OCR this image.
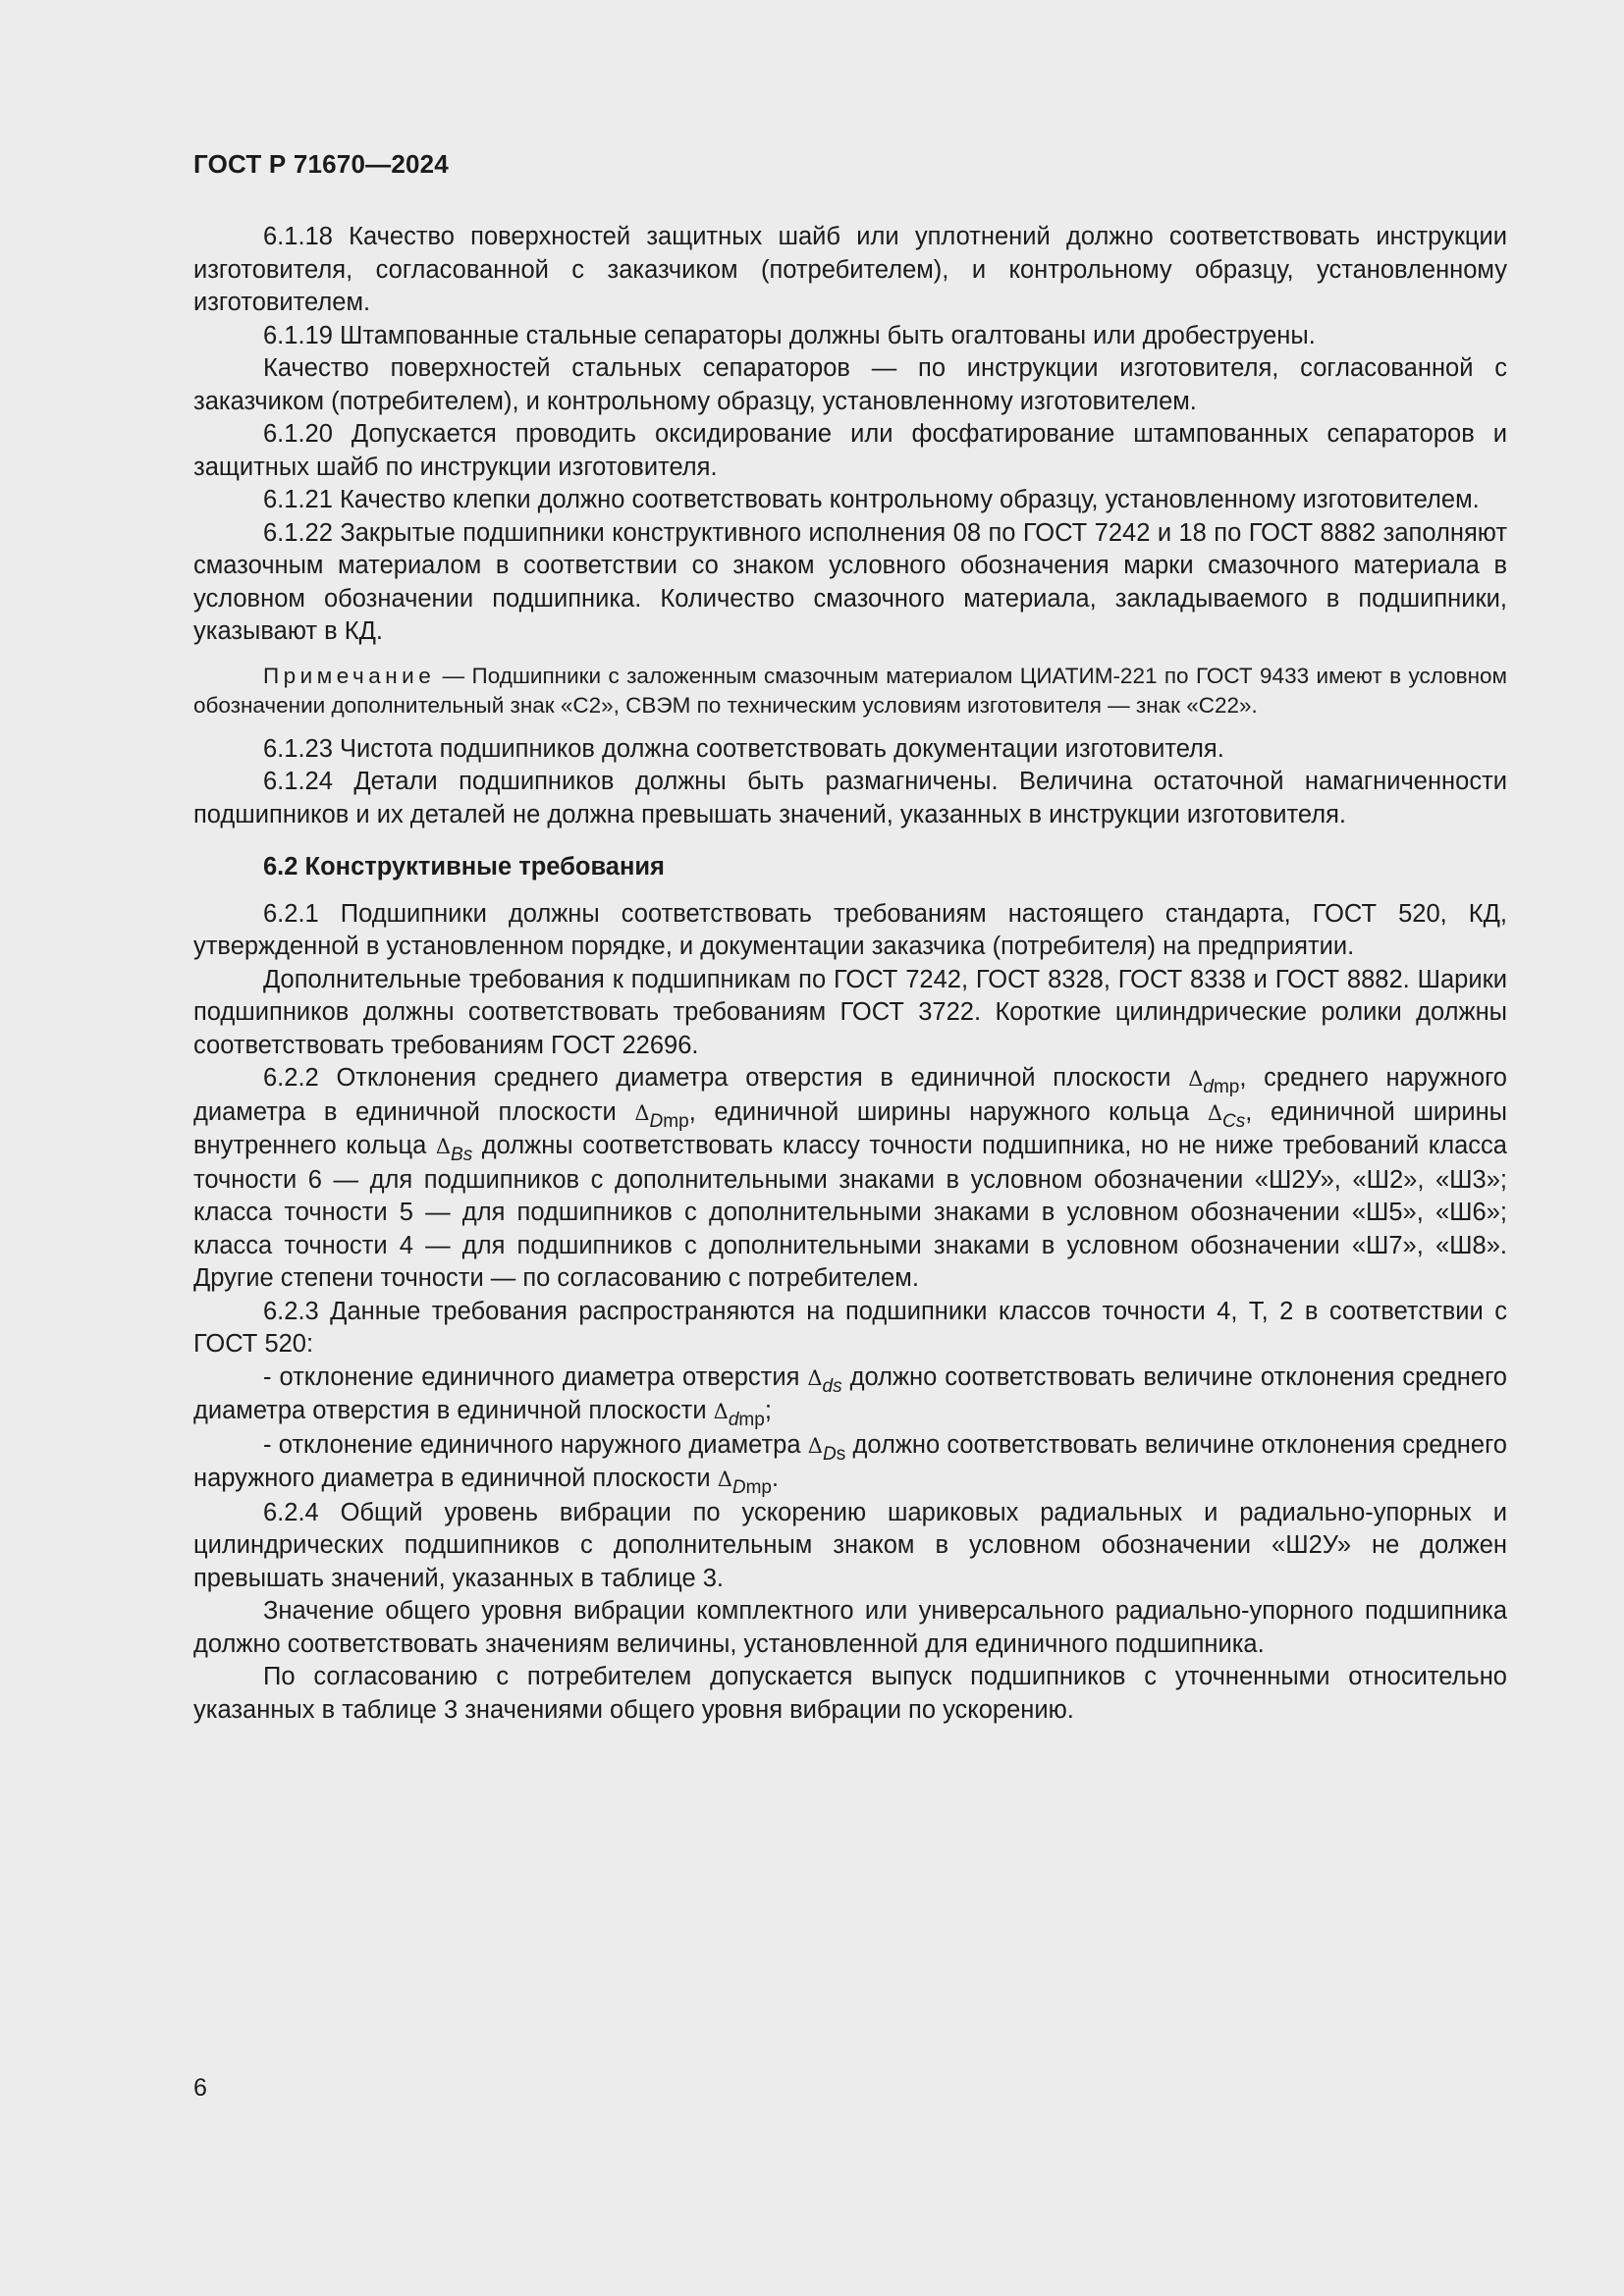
ГОСТ Р 71670—2024

6.1.18 Качество поверхностей защитных шайб или уплотнений должно соответствовать инструкции изготовителя, согласованной с заказчиком (потребителем), и контрольному образцу, установленному изготовителем.

6.1.19 Штампованные стальные сепараторы должны быть огалтованы или дробеструены.

Качество поверхностей стальных сепараторов — по инструкции изготовителя, согласованной с заказчиком (потребителем), и контрольному образцу, установленному изготовителем.

6.1.20 Допускается проводить оксидирование или фосфатирование штампованных сепараторов и защитных шайб по инструкции изготовителя.

6.1.21 Качество клепки должно соответствовать контрольному образцу, установленному изготовителем.

6.1.22 Закрытые подшипники конструктивного исполнения 08 по ГОСТ 7242 и 18 по ГОСТ 8882 заполняют смазочным материалом в соответствии со знаком условного обозначения марки смазочного материала в условном обозначении подшипника. Количество смазочного материала, закладываемого в подшипники, указывают в КД.

Примечание — Подшипники с заложенным смазочным материалом ЦИАТИМ-221 по ГОСТ 9433 имеют в условном обозначении дополнительный знак «С2», СВЭМ по техническим условиям изготовителя — знак «С22».

6.1.23 Чистота подшипников должна соответствовать документации изготовителя.

6.1.24 Детали подшипников должны быть размагничены. Величина остаточной намагниченности подшипников и их деталей не должна превышать значений, указанных в инструкции изготовителя.

6.2 Конструктивные требования

6.2.1 Подшипники должны соответствовать требованиям настоящего стандарта, ГОСТ 520, КД, утвержденной в установленном порядке, и документации заказчика (потребителя) на предприятии.

Дополнительные требования к подшипникам по ГОСТ 7242, ГОСТ 8328, ГОСТ 8338 и ГОСТ 8882. Шарики подшипников должны соответствовать требованиям ГОСТ 3722. Короткие цилиндрические ролики должны соответствовать требованиям ГОСТ 22696.

6.2.2 Отклонения среднего диаметра отверстия в единичной плоскости $\Delta_{dmp}$, среднего наружного диаметра в единичной плоскости $\Delta_{Dmp}$, единичной ширины наружного кольца $\Delta_{Cs}$, единичной ширины внутреннего кольца $\Delta_{Bs}$ должны соответствовать классу точности подшипника, но не ниже требований класса точности 6 — для подшипников с дополнительными знаками в условном обозначении «Ш2У», «Ш2», «Ш3»; класса точности 5 — для подшипников с дополнительными знаками в условном обозначении «Ш5», «Ш6»; класса точности 4 — для подшипников с дополнительными знаками в условном обозначении «Ш7», «Ш8». Другие степени точности — по согласованию с потребителем.

6.2.3 Данные требования распространяются на подшипники классов точности 4, Т, 2 в соответствии с ГОСТ 520:

- отклонение единичного диаметра отверстия $\Delta_{ds}$ должно соответствовать величине отклонения среднего диаметра отверстия в единичной плоскости $\Delta_{dmp}$;

- отклонение единичного наружного диаметра $\Delta_{Ds}$ должно соответствовать величине отклонения среднего наружного диаметра в единичной плоскости $\Delta_{Dmp}$.

6.2.4 Общий уровень вибрации по ускорению шариковых радиальных и радиально-упорных и цилиндрических подшипников с дополнительным знаком в условном обозначении «Ш2У» не должен превышать значений, указанных в таблице 3.

Значение общего уровня вибрации комплектного или универсального радиально-упорного подшипника должно соответствовать значениям величины, установленной для единичного подшипника.

По согласованию с потребителем допускается выпуск подшипников с уточненными относительно указанных в таблице 3 значениями общего уровня вибрации по ускорению.

6
